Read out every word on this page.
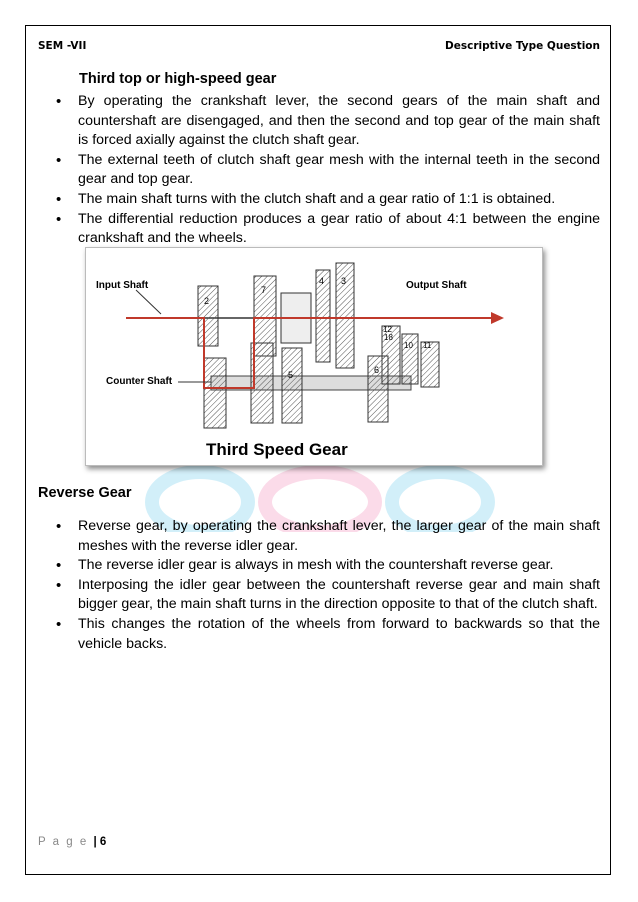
SEM -VII	Descriptive Type Question
Third top or high-speed gear
• By operating the crankshaft lever, the second gears of the main shaft and countershaft are disengaged, and then the second and top gear of the main shaft is forced axially against the clutch shaft gear.
• The external teeth of clutch shaft gear mesh with the internal teeth in the second gear and top gear.
• The main shaft turns with the clutch shaft and a gear ratio of 1:1 is obtained.
• The differential reduction produces a gear ratio of about 4:1 between the engine crankshaft and the wheels.
Input Shaft	Output Shaft
Counter Shaft
2
7
4 3
5	6
10 11
12
18
Third Speed Gear
Reverse Gear
• Reverse gear, by operating the crankshaft lever, the larger gear of the main shaft meshes with the reverse idler gear.
• The reverse idler gear is always in mesh with the countershaft reverse gear.
• Interposing the idler gear between the countershaft reverse gear and main shaft bigger gear, the main shaft turns in the direction opposite to that of the clutch shaft.
• This changes the rotation of the wheels from forward to backwards so that the vehicle backs.
P a g e | 6
